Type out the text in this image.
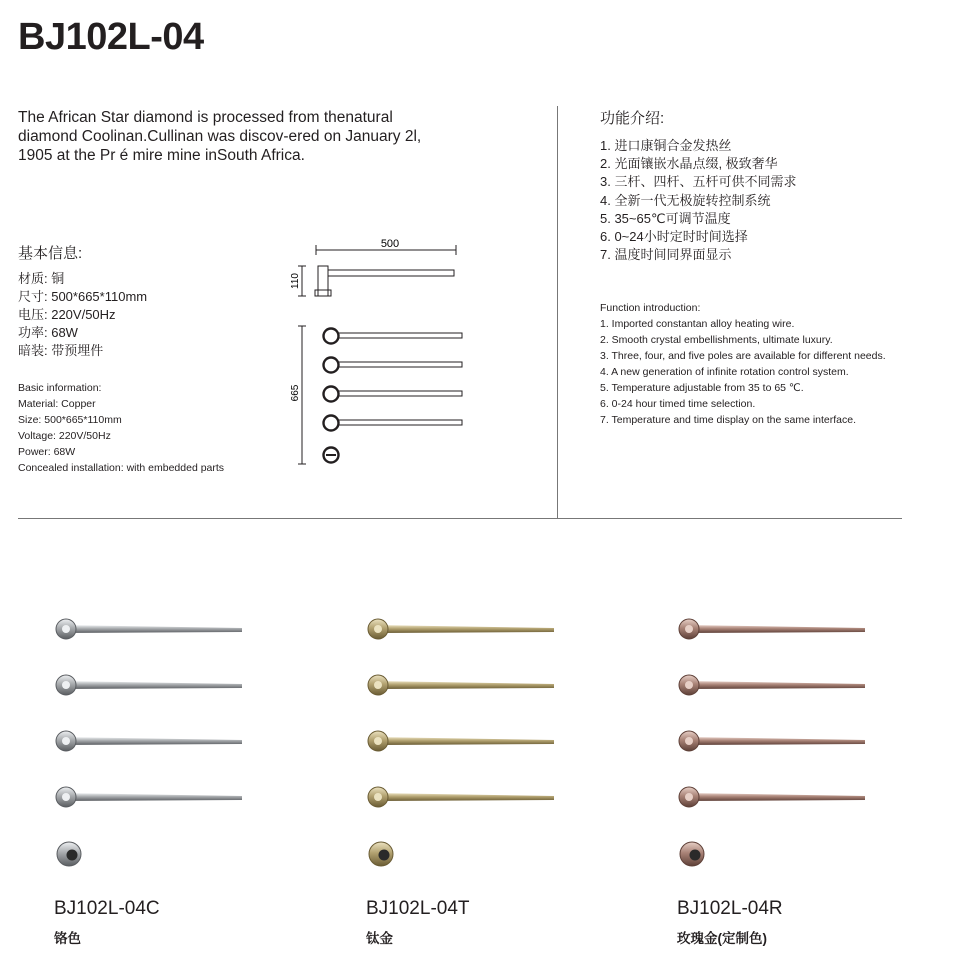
BJ102L-04
The African Star diamond is processed from thenatural diamond Coolinan.Cullinan was discov-ered on January 2l, 1905 at the Pr é mire mine inSouth Africa.
基本信息:
材质: 铜
尺寸: 500*665*110mm
电压: 220V/50Hz
功率: 68W
暗装: 带预埋件
Basic information:
Material: Copper
Size: 500*665*110mm
Voltage: 220V/50Hz
Power: 68W
Concealed installation: with embedded parts
500
110
665
功能介绍:
1. 进口康铜合金发热丝
2. 光面镶嵌水晶点缀, 极致奢华
3. 三杆、四杆、五杆可供不同需求
4. 全新一代无极旋转控制系统
5. 35~65℃可调节温度
6. 0~24小时定时时间选择
7. 温度时间同界面显示
Function introduction:
1. Imported constantan alloy heating wire.
2. Smooth crystal embellishments, ultimate luxury.
3. Three, four, and five poles are available for different needs.
4. A new generation of infinite rotation control system.
5. Temperature adjustable from 35 to 65 ℃.
6. 0-24 hour timed time selection.
7. Temperature and time display on the same interface.
BJ102L-04C
铬色
BJ102L-04T
钛金
BJ102L-04R
玫瑰金(定制色)
